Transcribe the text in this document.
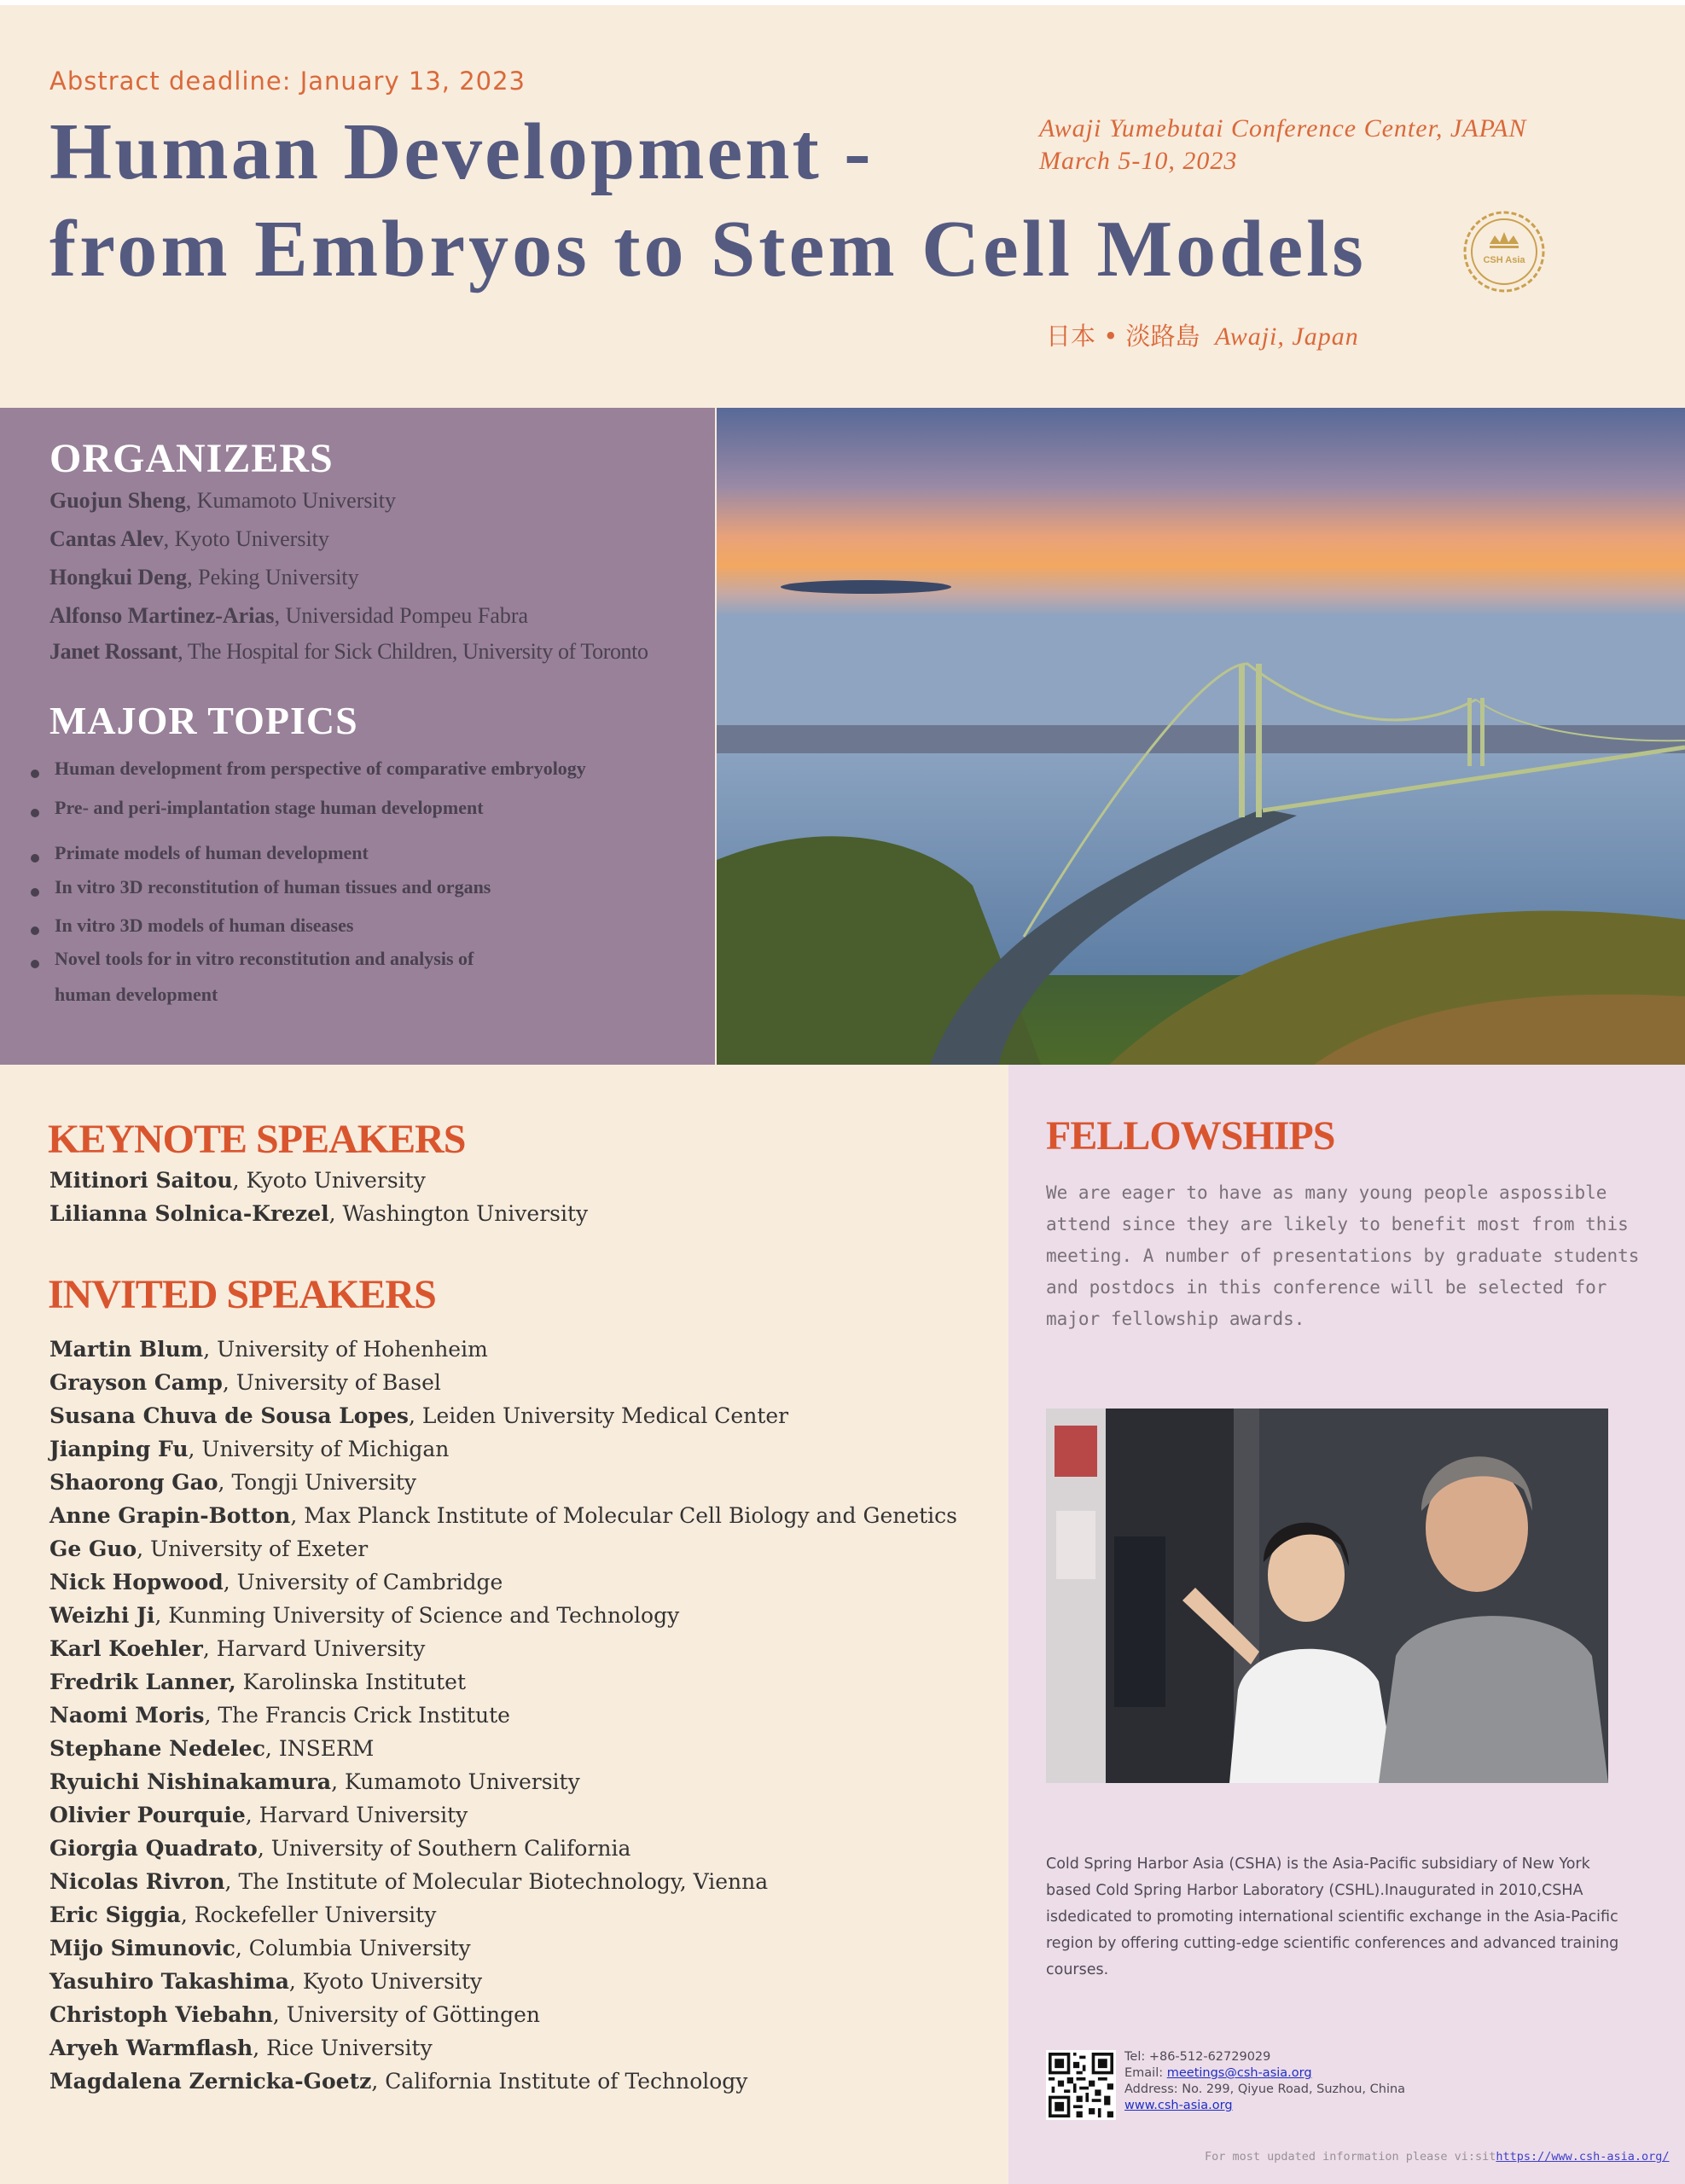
Abstract deadline: January 13, 2023
Human Development -
from Embryos to Stem Cell Models
Awaji Yumebutai Conference Center, JAPAN
March 5-10, 2023
日本 • 淡路島 Awaji, Japan
CSH Asia
ORGANIZERS
Guojun Sheng, Kumamoto University
Cantas Alev, Kyoto University
Hongkui Deng, Peking University
Alfonso Martinez-Arias, Universidad Pompeu Fabra
Janet Rossant, The Hospital for Sick Children, University of Toronto
MAJOR TOPICS
Human development from perspective of comparative embryology
Pre- and peri-implantation stage human development
Primate models of human development
In vitro 3D reconstitution of human tissues and organs
In vitro 3D models of human diseases
Novel tools for in vitro reconstitution and analysis of
human development
KEYNOTE SPEAKERS
Mitinori Saitou, Kyoto University
Lilianna Solnica-Krezel, Washington University
INVITED SPEAKERS
Martin Blum, University of Hohenheim
Grayson Camp, University of Basel
Susana Chuva de Sousa Lopes, Leiden University Medical Center
Jianping Fu, University of Michigan
Shaorong Gao, Tongji University
Anne Grapin-Botton, Max Planck Institute of Molecular Cell Biology and Genetics
Ge Guo, University of Exeter
Nick Hopwood, University of Cambridge
Weizhi Ji, Kunming University of Science and Technology
Karl Koehler, Harvard University
Fredrik Lanner, Karolinska Institutet
Naomi Moris, The Francis Crick Institute
Stephane Nedelec, INSERM
Ryuichi Nishinakamura, Kumamoto University
Olivier Pourquie, Harvard University
Giorgia Quadrato, University of Southern California
Nicolas Rivron, The Institute of Molecular Biotechnology, Vienna
Eric Siggia, Rockefeller University
Mijo Simunovic, Columbia University
Yasuhiro Takashima, Kyoto University
Christoph Viebahn, University of Göttingen
Aryeh Warmflash, Rice University
Magdalena Zernicka-Goetz, California Institute of Technology
FELLOWSHIPS
We are eager to have as many young people aspossible attend since they are likely to benefit most from this meeting. A number of presentations by graduate students and postdocs in this conference will be selected for major fellowship awards.
Cold Spring Harbor Asia (CSHA) is the Asia-Pacific subsidiary of New York based Cold Spring Harbor Laboratory (CSHL).Inaugurated in 2010,CSHA isdedicated to promoting international scientific exchange in the Asia-Pacific region by offering cutting-edge scientific conferences and advanced training courses.
Tel: +86-512-62729029
Email: meetings@csh-asia.org
Address: No. 299, Qiyue Road, Suzhou, China
www.csh-asia.org
For most updated information please vi:sithttps://www.csh-asia.org/
